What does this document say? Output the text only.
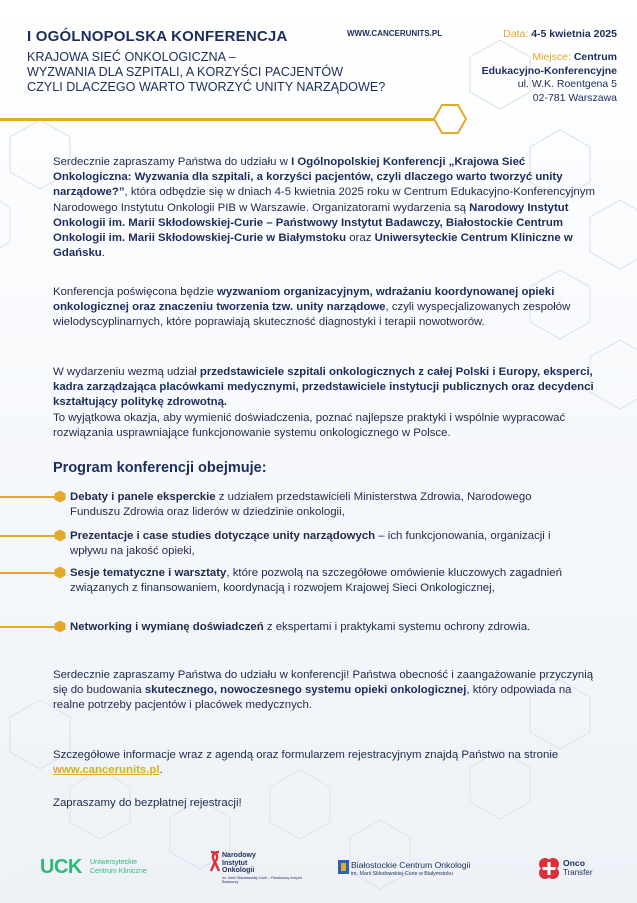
I OGÓLNOPOLSKA KONFERENCJA
KRAJOWA SIEĆ ONKOLOGICZNA –
WYZWANIA DLA SZPITALI, A KORZYŚCI PACJENTÓW
CZYLI DLACZEGO WARTO TWORZYĆ UNITY NARZĄDOWE?
WWW.CANCERUNITS.PL	Data: 4-5 kwietnia 2025
Miejsce: Centrum
Edukacyjno-Konferencyjne
ul. W.K. Roentgena 5
02-781 Warszawa
Serdecznie zapraszamy Państwa do udziału w I Ogólnopolskiej Konferencji „Krajowa Sieć Onkologiczna: Wyzwania dla szpitali, a korzyści pacjentów, czyli dlaczego warto tworzyć unity narządowe?”, która odbędzie się w dniach 4-5 kwietnia 2025 roku w Centrum Edukacyjno-Konferencyjnym Narodowego Instytutu Onkologii PIB w Warszawie. Organizatorami wydarzenia są Narodowy Instytut Onkologii im. Marii Skłodowskiej-Curie – Państwowy Instytut Badawczy, Białostockie Centrum Onkologii im. Marii Skłodowskiej-Curie w Białymstoku oraz Uniwersyteckie Centrum Kliniczne w Gdańsku.
Konferencja poświęcona będzie wyzwaniom organizacyjnym, wdrażaniu koordynowanej opieki onkologicznej oraz znaczeniu tworzenia tzw. unity narządowe, czyli wyspecjalizowanych zespołów wielodyscyplinarnych, które poprawiają skuteczność diagnostyki i terapii nowotworów.
W wydarzeniu wezmą udział przedstawiciele szpitali onkologicznych z całej Polski i Europy, eksperci, kadra zarządzająca placówkami medycznymi, przedstawiciele instytucji publicznych oraz decydenci kształtujący politykę zdrowotną.
To wyjątkowa okazja, aby wymienić doświadczenia, poznać najlepsze praktyki i wspólnie wypracować rozwiązania usprawniające funkcjonowanie systemu onkologicznego w Polsce.
Program konferencji obejmuje:
Debaty i panele eksperckie z udziałem przedstawicieli Ministerstwa Zdrowia, Narodowego Funduszu Zdrowia oraz liderów w dziedzinie onkologii,
Prezentacje i case studies dotyczące unity narządowych – ich funkcjonowania, organizacji i wpływu na jakość opieki,
Sesje tematyczne i warsztaty, które pozwolą na szczegółowe omówienie kluczowych zagadnień związanych z finansowaniem, koordynacją i rozwojem Krajowej Sieci Onkologicznej,
Networking i wymianę doświadczeń z ekspertami i praktykami systemu ochrony zdrowia.
Serdecznie zapraszamy Państwa do udziału w konferencji! Państwa obecność i zaangażowanie przyczynią się do budowania skutecznego, nowoczesnego systemu opieki onkologicznej, który odpowiada na realne potrzeby pacjentów i placówek medycznych.
Szczegółowe informacje wraz z agendą oraz formularzem rejestracyjnym znajdą Państwo na stronie www.cancerunits.pl.
Zapraszamy do bezpłatnej rejestracji!
UCK Uniwersyteckie
Centrum Kliniczne
Narodowy
Instytut
Onkologii
im. Marii Skłodowskiej-Curie – Państwowy Instytut Badawczy
Białostockie Centrum Onkologii
im. Marii Skłodowskiej-Curie w Białymstoku
Onco
Transfer
